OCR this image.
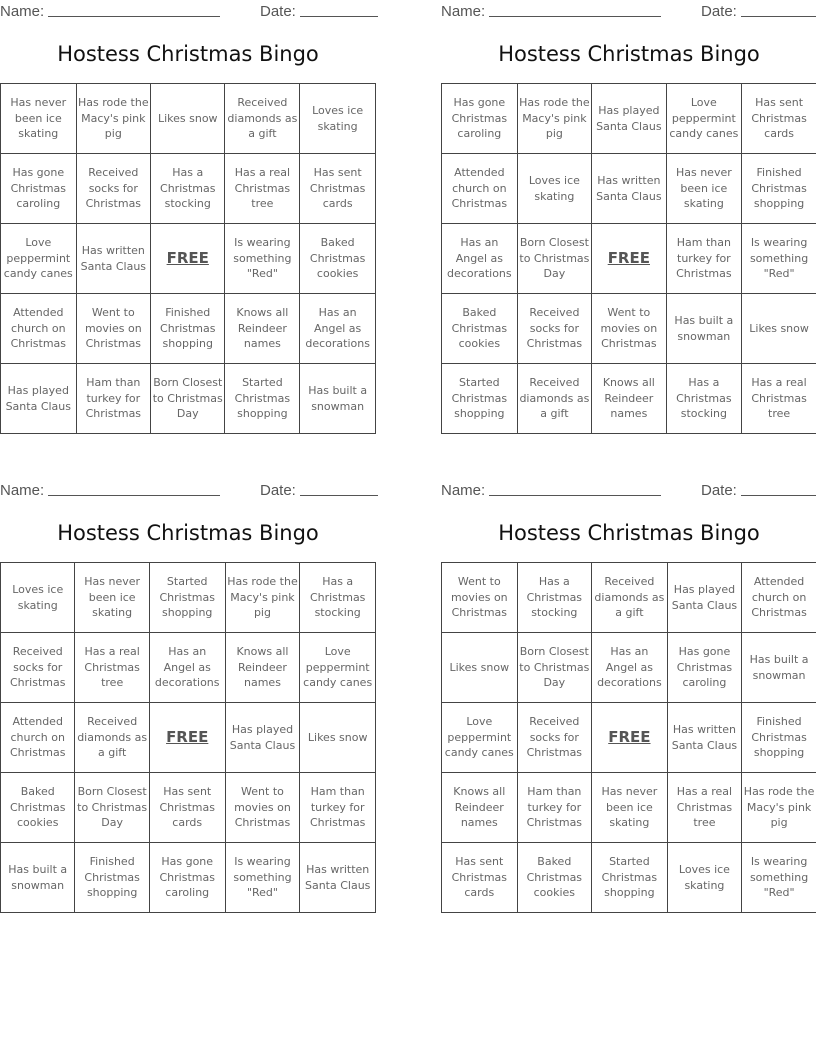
Name:	Date:
Hostess Christmas Bingo
Has never been ice skating	Has rode the Macy's pink pig	Likes snow	Received diamonds as a gift	Loves ice skating
Has gone Christmas caroling	Received socks for Christmas	Has a Christmas stocking	Has a real Christmas tree	Has sent Christmas cards
Love peppermint candy canes	Has written Santa Claus	FREE	Is wearing something "Red"	Baked Christmas cookies
Attended church on Christmas	Went to movies on Christmas	Finished Christmas shopping	Knows all Reindeer names	Has an Angel as decorations
Has played Santa Claus	Ham than turkey for Christmas	Born Closest to Christmas Day	Started Christmas shopping	Has built a snowman
Name:	Date:
Hostess Christmas Bingo
Has gone Christmas caroling	Has rode the Macy's pink pig	Has played Santa Claus	Love peppermint candy canes	Has sent Christmas cards
Attended church on Christmas	Loves ice skating	Has written Santa Claus	Has never been ice skating	Finished Christmas shopping
Has an Angel as decorations	Born Closest to Christmas Day	FREE	Ham than turkey for Christmas	Is wearing something "Red"
Baked Christmas cookies	Received socks for Christmas	Went to movies on Christmas	Has built a snowman	Likes snow
Started Christmas shopping	Received diamonds as a gift	Knows all Reindeer names	Has a Christmas stocking	Has a real Christmas tree
Name:	Date:
Hostess Christmas Bingo
Loves ice skating	Has never been ice skating	Started Christmas shopping	Has rode the Macy's pink pig	Has a Christmas stocking
Received socks for Christmas	Has a real Christmas tree	Has an Angel as decorations	Knows all Reindeer names	Love peppermint candy canes
Attended church on Christmas	Received diamonds as a gift	FREE	Has played Santa Claus	Likes snow
Baked Christmas cookies	Born Closest to Christmas Day	Has sent Christmas cards	Went to movies on Christmas	Ham than turkey for Christmas
Has built a snowman	Finished Christmas shopping	Has gone Christmas caroling	Is wearing something "Red"	Has written Santa Claus
Name:	Date:
Hostess Christmas Bingo
Went to movies on Christmas	Has a Christmas stocking	Received diamonds as a gift	Has played Santa Claus	Attended church on Christmas
Likes snow	Born Closest to Christmas Day	Has an Angel as decorations	Has gone Christmas caroling	Has built a snowman
Love peppermint candy canes	Received socks for Christmas	FREE	Has written Santa Claus	Finished Christmas shopping
Knows all Reindeer names	Ham than turkey for Christmas	Has never been ice skating	Has a real Christmas tree	Has rode the Macy's pink pig
Has sent Christmas cards	Baked Christmas cookies	Started Christmas shopping	Loves ice skating	Is wearing something "Red"
